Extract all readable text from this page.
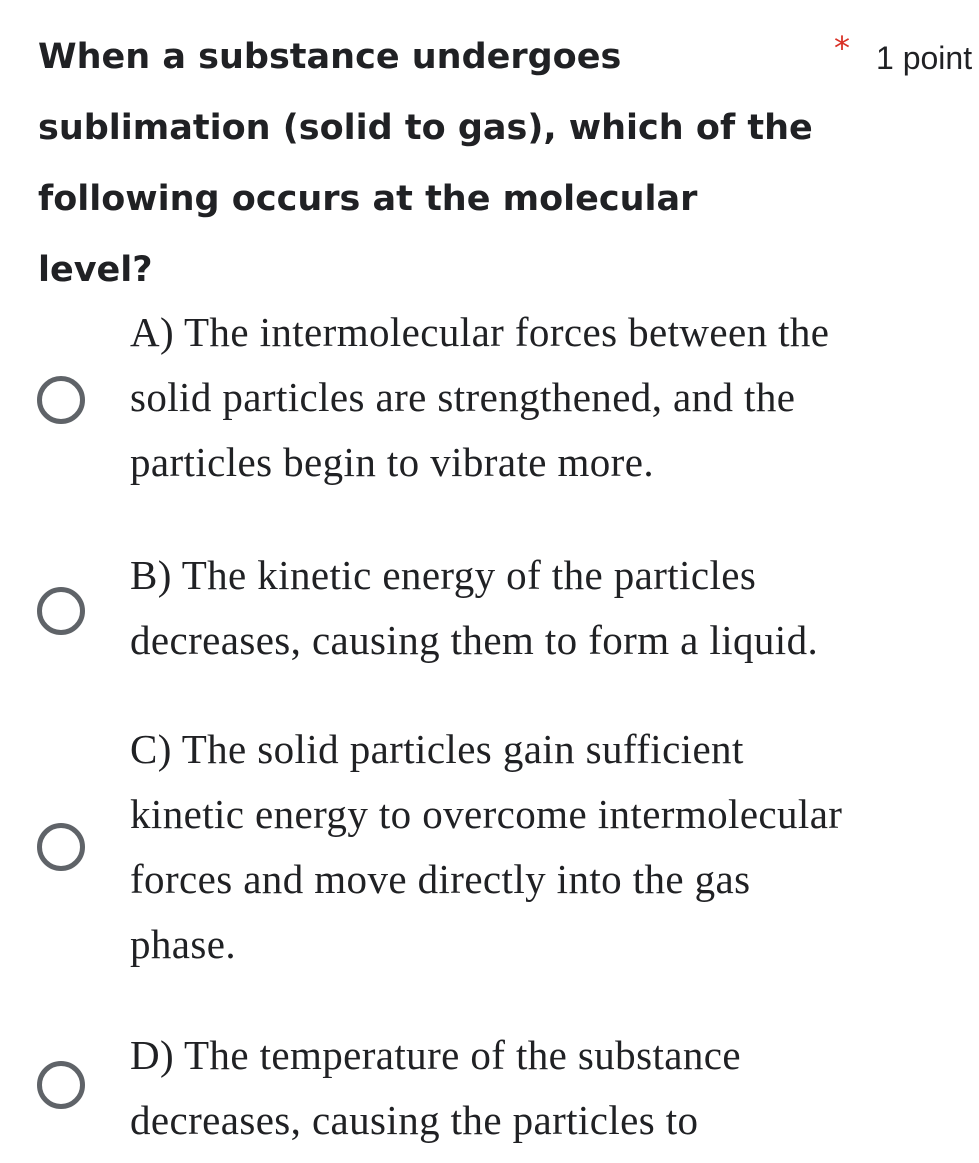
When a substance undergoes sublimation (solid to gas), which of the following occurs at the molecular level?

* 1 point
A) The intermolecular forces between the
solid particles are strengthened, and the
particles begin to vibrate more.
B) The kinetic energy of the particles
decreases, causing them to form a liquid.
C) The solid particles gain sufficient
kinetic energy to overcome intermolecular
forces and move directly into the gas
phase.
D) The temperature of the substance
decreases, causing the particles to
